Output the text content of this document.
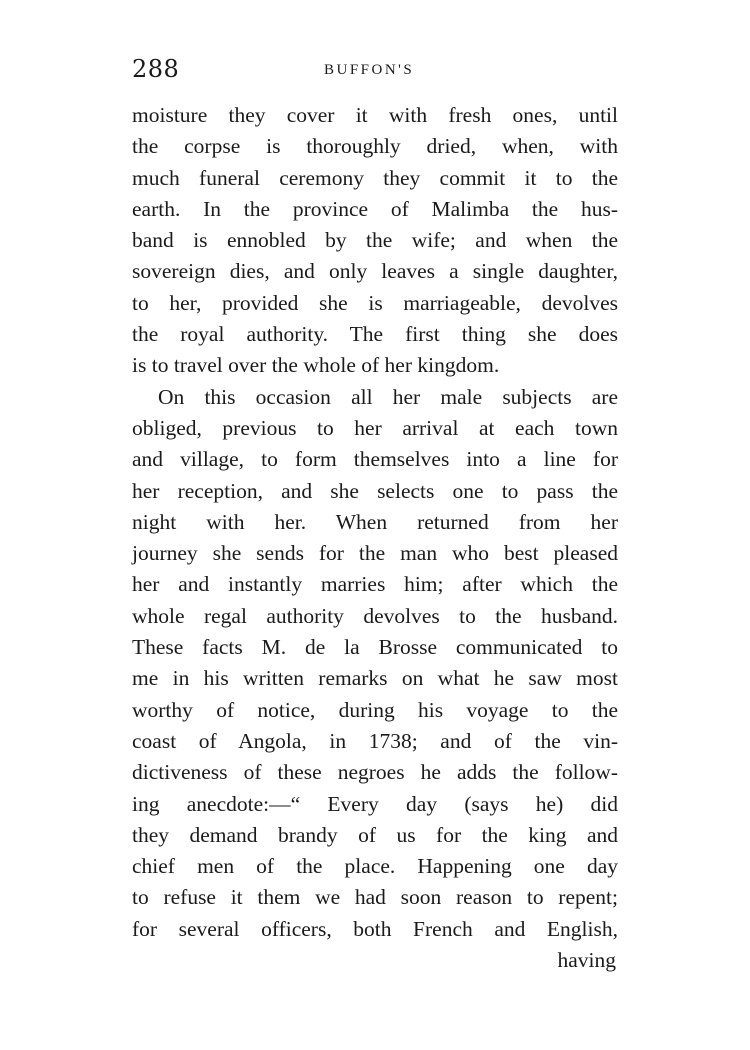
288	BUFFON'S
moisture they cover it with fresh ones, until
the corpse is thoroughly dried, when, with
much funeral ceremony they commit it to the
earth. In the province of Malimba the hus-
band is ennobled by the wife; and when the
sovereign dies, and only leaves a single daughter,
to her, provided she is marriageable, devolves
the royal authority. The first thing she does
is to travel over the whole of her kingdom.
On this occasion all her male subjects are
obliged, previous to her arrival at each town
and village, to form themselves into a line for
her reception, and she selects one to pass the
night with her. When returned from her
journey she sends for the man who best pleased
her and instantly marries him; after which the
whole regal authority devolves to the husband.
These facts M. de la Brosse communicated to
me in his written remarks on what he saw most
worthy of notice, during his voyage to the
coast of Angola, in 1738; and of the vin-
dictiveness of these negroes he adds the follow-
ing anecdote:—“ Every day (says he) did
they demand brandy of us for the king and
chief men of the place. Happening one day
to refuse it them we had soon reason to repent;
for several officers, both French and English,
having
